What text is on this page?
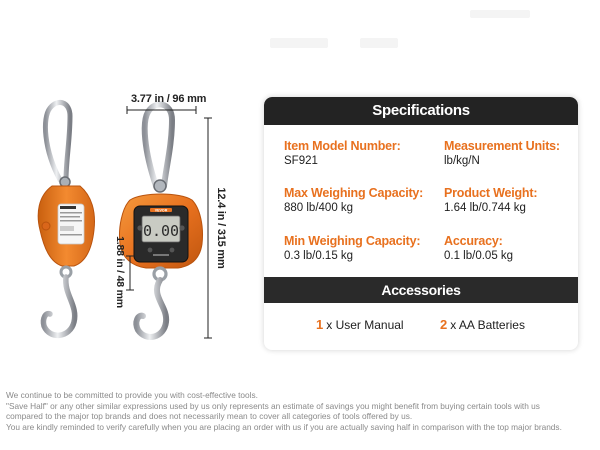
VEVOR
0.00
3.77 in / 96 mm
12.4 in / 315 mm
1.88 in / 48 mm
Specifications
Item Model Number:
SF921
Measurement Units:
lb/kg/N
Max Weighing Capacity:
880 lb/400 kg
Product Weight:
1.64 lb/0.744 kg
Min Weighing Capacity:
0.3 lb/0.15 kg
Accuracy:
0.1 lb/0.05 kg
Accessories
1 x User Manual	2 x AA Batteries
We continue to be committed to provide you with cost-effective tools.
"Save Half" or any other similar expressions used by us only represents an estimate of savings you might benefit from buying certain tools with us
compared to the major top brands and does not necessarily mean to cover all categories of tools offered by us.
You are kindly reminded to verify carefully when you are placing an order with us if you are actually saving half in comparison with the top major brands.
